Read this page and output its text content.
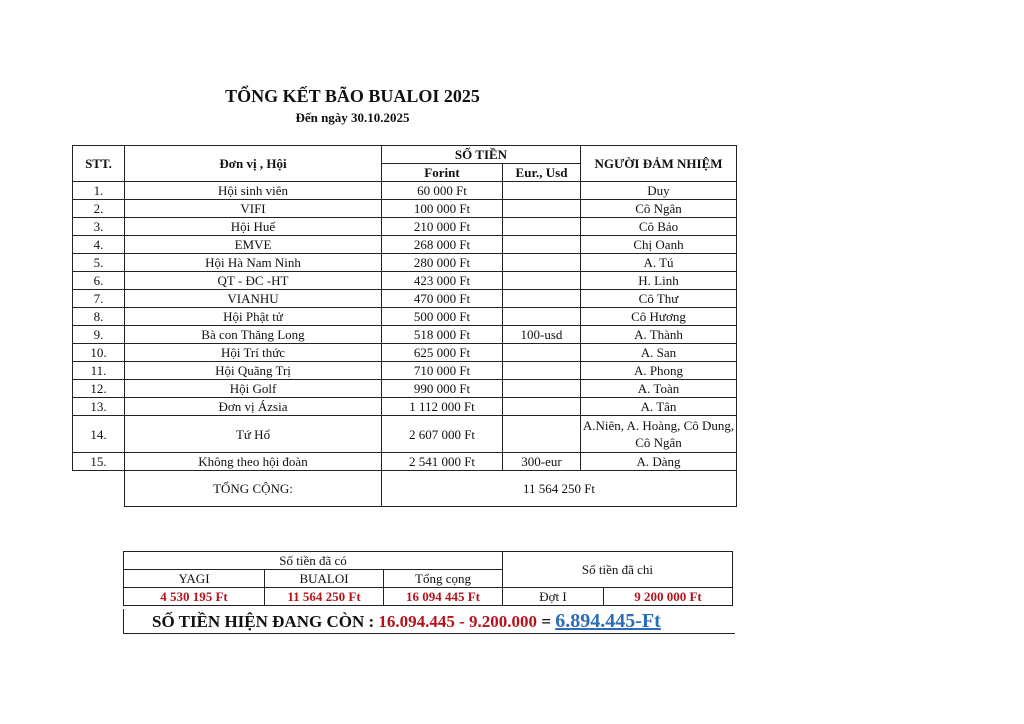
TỔNG KẾT BÃO BUALOI 2025
Đến ngày 30.10.2025
STT.	Đơn vị , Hội	SỐ TIỀN		NGƯỜI ĐẢM NHIỆM
		Forint	Eur., Usd	
1.	Hội sinh viên	60 000 Ft		Duy
2.	VIFI	100 000 Ft		Cô Ngân
3.	Hội Huế	210 000 Ft		Cô Bảo
4.	EMVE	268 000 Ft		Chị Oanh
5.	Hội Hà Nam Ninh	280 000 Ft		A. Tú
6.	QT - ĐC -HT	423 000 Ft		H. Linh
7.	VIANHU	470 000 Ft		Cô Thư
8.	Hội Phật tử	500 000 Ft		Cô Hương
9.	Bà con Thăng Long	518 000 Ft	100-usd	A. Thành
10.	Hội Trí thức	625 000 Ft		A. San
11.	Hội Quãng Trị	710 000 Ft		A. Phong
12.	Hội Golf	990 000 Ft		A. Toàn
13.	Đơn vị Ázsia	1 112 000 Ft		A. Tân
14.	Tứ Hổ	2 607 000 Ft		A.Niên, A. Hoàng, Cô Dung, Cô Ngân
15.	Không theo hội đoàn	2 541 000 Ft	300-eur	A. Dàng
	TỔNG CỘNG:	11 564 250 Ft		
Số tiền đã có			Số tiền đã chi	
YAGI	BUALOI	Tổng cọng		
4 530 195 Ft	11 564 250 Ft	16 094 445 Ft	Đợt I	9 200 000 Ft
SỐ TIỀN HIỆN ĐANG CÒN : 16.094.445 - 9.200.000 = 6.894.445-Ft
